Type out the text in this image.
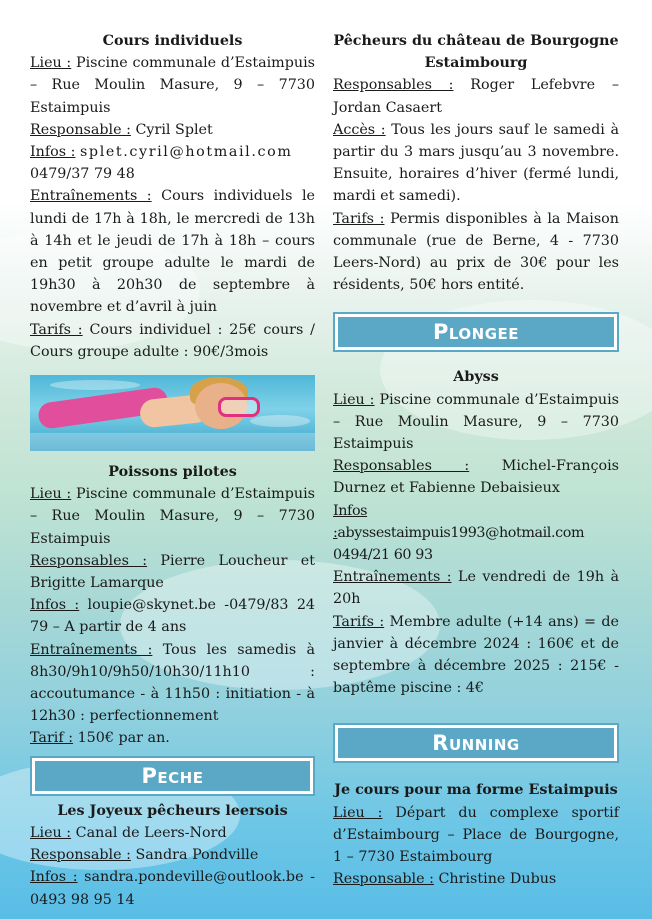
Cours individuels

Lieu : Piscine communale d’Estaimpuis – Rue Moulin Masure, 9 – 7730 Estaimpuis

Responsable : Cyril Splet

Infos : splet.cyril@hotmail.com
0479/37 79 48

Entraînements : Cours individuels le lundi de 17h à 18h, le mercredi de 13h à 14h et le jeudi de 17h à 18h – cours en petit groupe adulte le mardi de 19h30 à 20h30 de septembre à novembre et d’avril à juin

Tarifs : Cours individuel : 25€ cours / Cours groupe adulte : 90€/3mois

Poissons pilotes

Lieu : Piscine communale d’Estaimpuis – Rue Moulin Masure, 9 – 7730 Estaimpuis

Responsables : Pierre Loucheur et Brigitte Lamarque

Infos : loupie@skynet.be -0479/83 24 79 – A partir de 4 ans

Entraînements : Tous les samedis à 8h30/9h10/9h50/10h30/11h10 : accoutumance - à 11h50 : initiation - à 12h30 : perfectionnement

Tarif : 150€ par an.

Peche

Les Joyeux pêcheurs leersois

Lieu : Canal de Leers-Nord

Responsable : Sandra Pondville

Infos : sandra.pondeville@outlook.be - 0493 98 95 14

Pêcheurs du château de Bourgogne Estaimbourg

Responsables : Roger Lefebvre – Jordan Casaert

Accès : Tous les jours sauf le samedi à partir du 3 mars jusqu’au 3 novembre. Ensuite, horaires d’hiver (fermé lundi, mardi et samedi).

Tarifs : Permis disponibles à la Maison communale (rue de Berne, 4 - 7730 Leers-Nord) au prix de 30€ pour les résidents, 50€ hors entité.

Plongee

Abyss

Lieu : Piscine communale d’Estaimpuis – Rue Moulin Masure, 9 – 7730 Estaimpuis

Responsables : Michel-François Durnez et Fabienne Debaisieux

Infos :abyssestaimpuis1993@hotmail.com
0494/21 60 93

Entraînements : Le vendredi de 19h à 20h

Tarifs : Membre adulte (+14 ans) = de janvier à décembre 2024 : 160€ et de septembre à décembre 2025 : 215€ -baptême piscine : 4€

Running

Je cours pour ma forme Estaimpuis

Lieu : Départ du complexe sportif d’Estaimbourg – Place de Bourgogne, 1 – 7730 Estaimbourg

Responsable : Christine Dubus
